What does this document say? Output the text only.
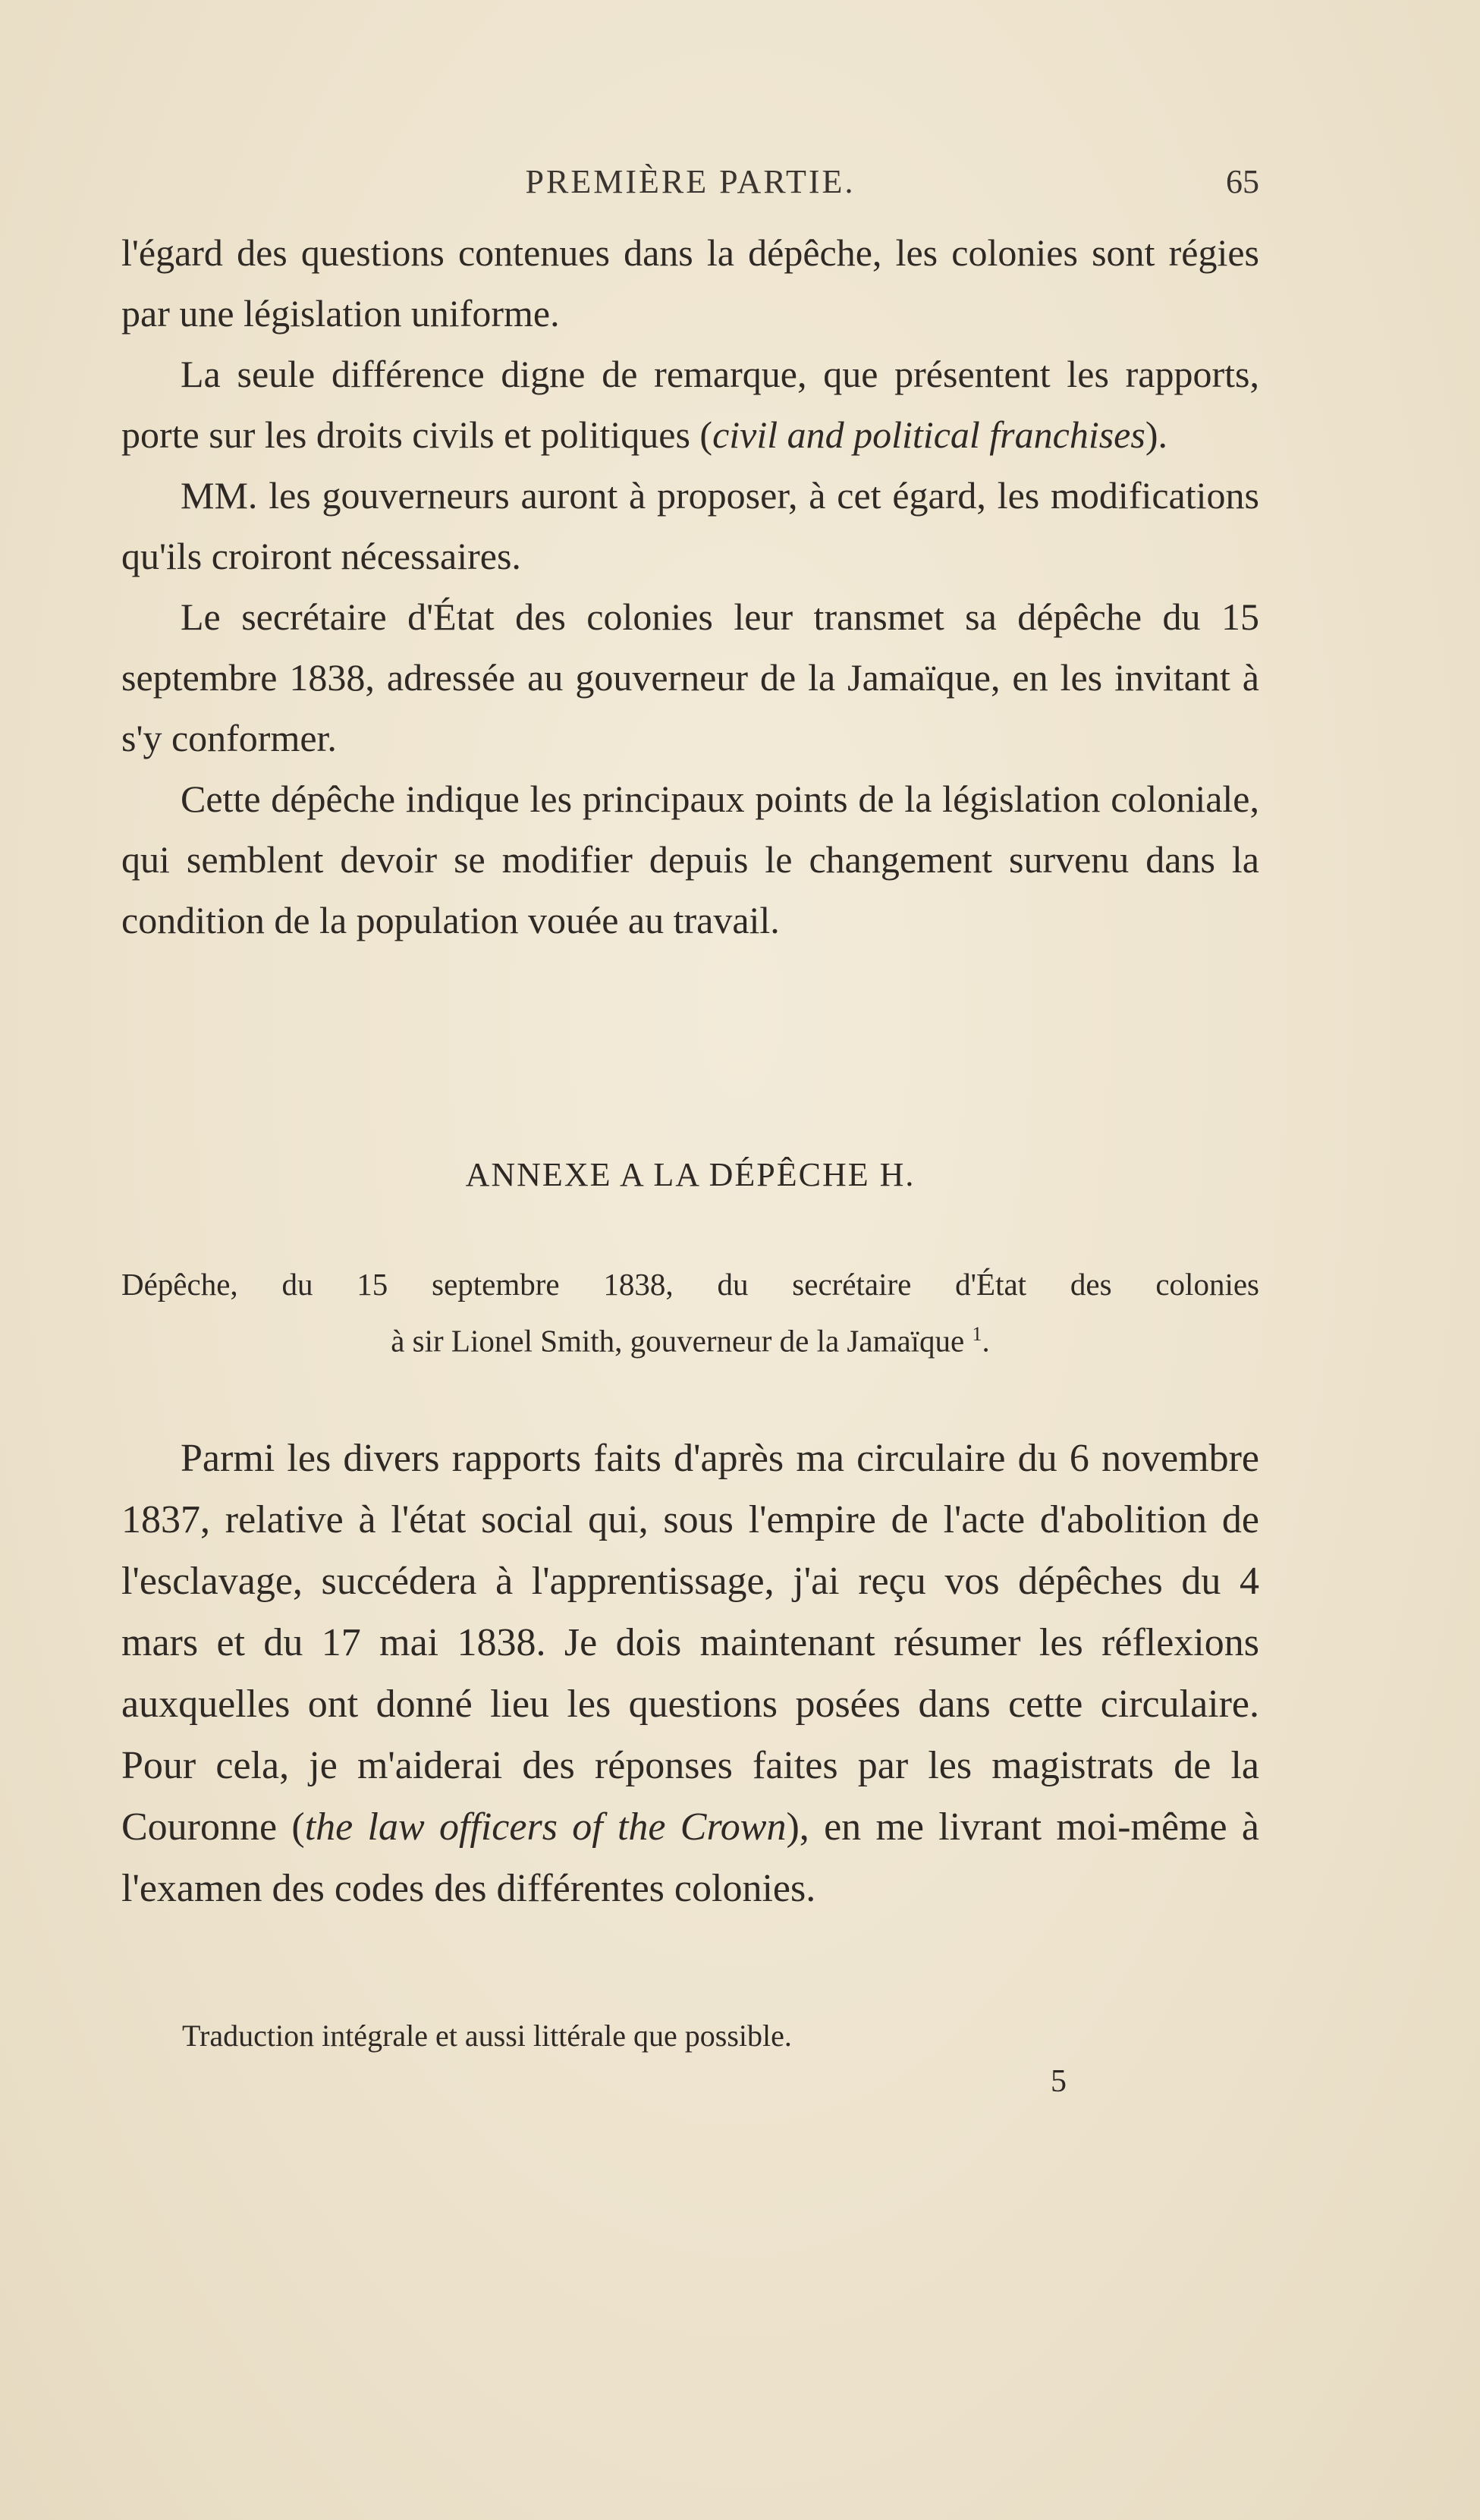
PREMIÈRE PARTIE.	65

l'égard des questions contenues dans la dépêche, les colonies sont régies par une législation uniforme.

La seule différence digne de remarque, que présentent les rapports, porte sur les droits civils et politiques (civil and political franchises).

MM. les gouverneurs auront à proposer, à cet égard, les modifications qu'ils croiront nécessaires.

Le secrétaire d'État des colonies leur transmet sa dépêche du 15 septembre 1838, adressée au gouverneur de la Jamaïque, en les invitant à s'y conformer.

Cette dépêche indique les principaux points de la législation coloniale, qui semblent devoir se modifier depuis le changement survenu dans la condition de la population vouée au travail.

ANNEXE A LA DÉPÊCHE H.
Dépêche, du 15 septembre 1838, du secrétaire d'État des colonies
à sir Lionel Smith, gouverneur de la Jamaïque $^1$.

Parmi les divers rapports faits d'après ma circulaire du 6 novembre 1837, relative à l'état social qui, sous l'empire de l'acte d'abolition de l'esclavage, succédera à l'apprentissage, j'ai reçu vos dépêches du 4 mars et du 17 mai 1838. Je dois maintenant résumer les réflexions auxquelles ont donné lieu les questions posées dans cette circulaire. Pour cela, je m'aiderai des réponses faites par les magistrats de la Couronne (the law officers of the Crown), en me livrant moi-même à l'examen des codes des différentes colonies.

Traduction intégrale et aussi littérale que possible.
5
